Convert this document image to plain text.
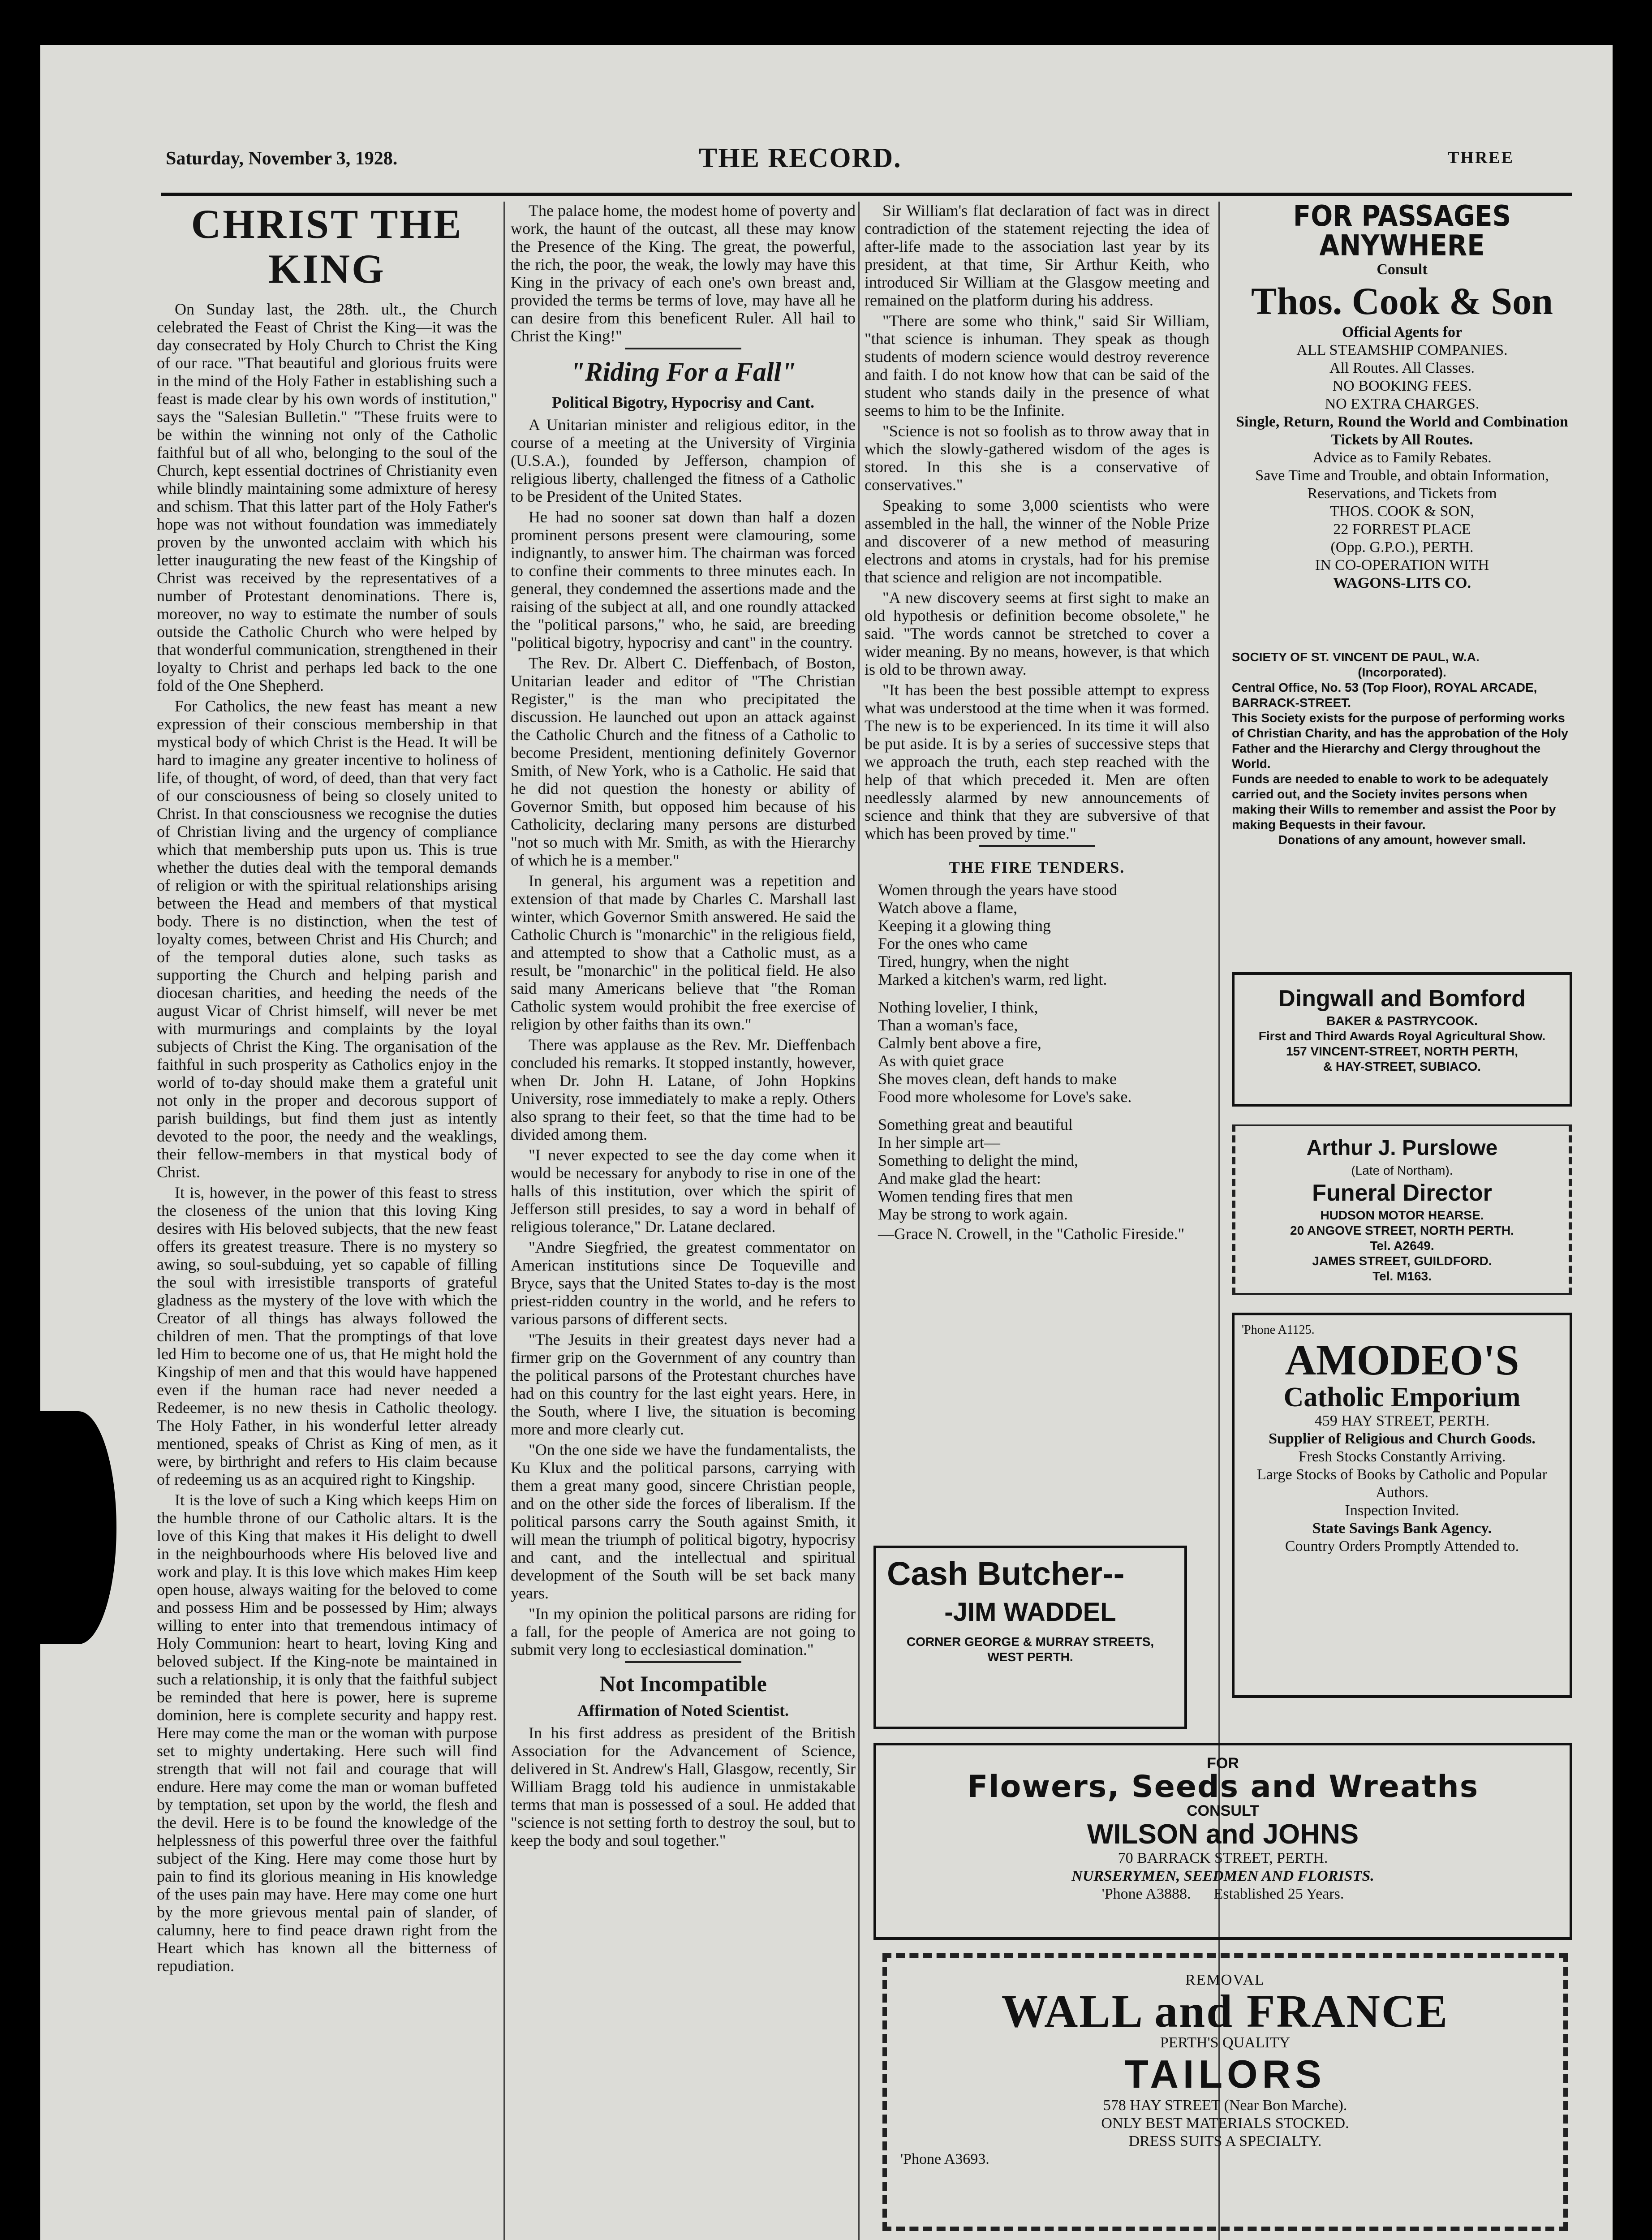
Saturday, November 3, 1928.	THE RECORD.	THREE
CHRIST THE KING

On Sunday last, the 28th. ult., the Church celebrated the Feast of Christ the King—it was the day consecrated by Holy Church to Christ the King of our race. "That beautiful and glorious fruits were in the mind of the Holy Father in establishing such a feast is made clear by his own words of institution," says the "Salesian Bulletin." "These fruits were to be within the winning not only of the Catholic faithful but of all who, belonging to the soul of the Church, kept essential doctrines of Christianity even while blindly maintaining some admixture of heresy and schism. That this latter part of the Holy Father's hope was not without foundation was immediately proven by the unwonted acclaim with which his letter inaugurating the new feast of the Kingship of Christ was received by the representatives of a number of Protestant denominations. There is, moreover, no way to estimate the number of souls outside the Catholic Church who were helped by that wonderful communication, strengthened in their loyalty to Christ and perhaps led back to the one fold of the One Shepherd.

For Catholics, the new feast has meant a new expression of their conscious membership in that mystical body of which Christ is the Head. It will be hard to imagine any greater incentive to holiness of life, of thought, of word, of deed, than that very fact of our consciousness of being so closely united to Christ. In that consciousness we recognise the duties of Christian living and the urgency of compliance which that membership puts upon us. This is true whether the duties deal with the temporal demands of religion or with the spiritual relationships arising between the Head and members of that mystical body. There is no distinction, when the test of loyalty comes, between Christ and His Church; and of the temporal duties alone, such tasks as supporting the Church and helping parish and diocesan charities, and heeding the needs of the august Vicar of Christ himself, will never be met with murmurings and complaints by the loyal subjects of Christ the King. The organisation of the faithful in such prosperity as Catholics enjoy in the world of to-day should make them a grateful unit not only in the proper and decorous support of parish buildings, but find them just as intently devoted to the poor, the needy and the weaklings, their fellow-members in that mystical body of Christ.

It is, however, in the power of this feast to stress the closeness of the union that this loving King desires with His beloved subjects, that the new feast offers its greatest treasure. There is no mystery so awing, so soul-subduing, yet so capable of filling the soul with irresistible transports of grateful gladness as the mystery of the love with which the Creator of all things has always followed the children of men. That the promptings of that love led Him to become one of us, that He might hold the Kingship of men and that this would have happened even if the human race had never needed a Redeemer, is no new thesis in Catholic theology. The Holy Father, in his wonderful letter already mentioned, speaks of Christ as King of men, as it were, by birthright and refers to His claim because of redeeming us as an acquired right to Kingship.

It is the love of such a King which keeps Him on the humble throne of our Catholic altars. It is the love of this King that makes it His delight to dwell in the neighbourhoods where His beloved live and work and play. It is this love which makes Him keep open house, always waiting for the beloved to come and possess Him and be possessed by Him; always willing to enter into that tremendous intimacy of Holy Communion: heart to heart, loving King and beloved subject. If the King-note be maintained in such a relationship, it is only that the faithful subject be reminded that here is power, here is supreme dominion, here is complete security and happy rest. Here may come the man or the woman with purpose set to mighty undertaking. Here such will find strength that will not fail and courage that will endure. Here may come the man or woman buffeted by temptation, set upon by the world, the flesh and the devil. Here is to be found the knowledge of the helplessness of this powerful three over the faithful subject of the King. Here may come those hurt by pain to find its glorious meaning in His knowledge of the uses pain may have. Here may come one hurt by the more grievous mental pain of slander, of calumny, here to find peace drawn right from the Heart which has known all the bitterness of repudiation.

The palace home, the modest home of poverty and work, the haunt of the outcast, all these may know the Presence of the King. The great, the powerful, the rich, the poor, the weak, the lowly may have this King in the privacy of each one's own breast and, provided the terms be terms of love, may have all he can desire from this beneficent Ruler. All hail to Christ the King!"

"Riding For a Fall"
Political Bigotry, Hypocrisy and Cant.

A Unitarian minister and religious editor, in the course of a meeting at the University of Virginia (U.S.A.), founded by Jefferson, champion of religious liberty, challenged the fitness of a Catholic to be President of the United States.

He had no sooner sat down than half a dozen prominent persons present were clamouring, some indignantly, to answer him. The chairman was forced to confine their comments to three minutes each. In general, they condemned the assertions made and the raising of the subject at all, and one roundly attacked the "political parsons," who, he said, are breeding "political bigotry, hypocrisy and cant" in the country.

The Rev. Dr. Albert C. Dieffenbach, of Boston, Unitarian leader and editor of "The Christian Register," is the man who precipitated the discussion. He launched out upon an attack against the Catholic Church and the fitness of a Catholic to become President, mentioning definitely Governor Smith, of New York, who is a Catholic. He said that he did not question the honesty or ability of Governor Smith, but opposed him because of his Catholicity, declaring many persons are disturbed "not so much with Mr. Smith, as with the Hierarchy of which he is a member."

In general, his argument was a repetition and extension of that made by Charles C. Marshall last winter, which Governor Smith answered. He said the Catholic Church is "monarchic" in the religious field, and attempted to show that a Catholic must, as a result, be "monarchic" in the political field. He also said many Americans believe that "the Roman Catholic system would prohibit the free exercise of religion by other faiths than its own."

There was applause as the Rev. Mr. Dieffenbach concluded his remarks. It stopped instantly, however, when Dr. John H. Latane, of John Hopkins University, rose immediately to make a reply. Others also sprang to their feet, so that the time had to be divided among them.

"I never expected to see the day come when it would be necessary for anybody to rise in one of the halls of this institution, over which the spirit of Jefferson still presides, to say a word in behalf of religious tolerance," Dr. Latane declared.

"Andre Siegfried, the greatest commentator on American institutions since De Toqueville and Bryce, says that the United States to-day is the most priest-ridden country in the world, and he refers to various parsons of different sects.

"The Jesuits in their greatest days never had a firmer grip on the Government of any country than the political parsons of the Protestant churches have had on this country for the last eight years. Here, in the South, where I live, the situation is becoming more and more clearly cut.

"On the one side we have the fundamentalists, the Ku Klux and the political parsons, carrying with them a great many good, sincere Christian people, and on the other side the forces of liberalism. If the political parsons carry the South against Smith, it will mean the triumph of political bigotry, hypocrisy and cant, and the intellectual and spiritual development of the South will be set back many years.

"In my opinion the political parsons are riding for a fall, for the people of America are not going to submit very long to ecclesiastical domination."

Not Incompatible
Affirmation of Noted Scientist.

In his first address as president of the British Association for the Advancement of Science, delivered in St. Andrew's Hall, Glasgow, recently, Sir William Bragg told his audience in unmistakable terms that man is possessed of a soul. He added that "science is not setting forth to destroy the soul, but to keep the body and soul together."

Sir William's flat declaration of fact was in direct contradiction of the statement rejecting the idea of after-life made to the association last year by its president, at that time, Sir Arthur Keith, who introduced Sir William at the Glasgow meeting and remained on the platform during his address.

"There are some who think," said Sir William, "that science is inhuman. They speak as though students of modern science would destroy reverence and faith. I do not know how that can be said of the student who stands daily in the presence of what seems to him to be the Infinite.

"Science is not so foolish as to throw away that in which the slowly-gathered wisdom of the ages is stored. In this she is a conservative of conservatives."

Speaking to some 3,000 scientists who were assembled in the hall, the winner of the Noble Prize and discoverer of a new method of measuring electrons and atoms in crystals, had for his premise that science and religion are not incompatible.

"A new discovery seems at first sight to make an old hypothesis or definition become obsolete," he said. "The words cannot be stretched to cover a wider meaning. By no means, however, is that which is old to be thrown away.

"It has been the best possible attempt to express what was understood at the time when it was formed. The new is to be experienced. In its time it will also be put aside. It is by a series of successive steps that we approach the truth, each step reached with the help of that which preceded it. Men are often needlessly alarmed by new announcements of science and think that they are subversive of that which has been proved by time."

THE FIRE TENDERS.
Women through the years have stood
Watch above a flame,
Keeping it a glowing thing
For the ones who came
Tired, hungry, when the night
Marked a kitchen's warm, red light.
Nothing lovelier, I think,
Than a woman's face,
Calmly bent above a fire,
As with quiet grace
She moves clean, deft hands to make
Food more wholesome for Love's sake.
Something great and beautiful
In her simple art—
Something to delight the mind,
And make glad the heart:
Women tending fires that men
May be strong to work again.
—Grace N. Crowell, in the "Catholic Fireside."
FOR PASSAGES ANYWHERE
Consult
Thos. Cook & Son
Official Agents for
ALL STEAMSHIP COMPANIES.
All Routes. All Classes.
NO BOOKING FEES.
NO EXTRA CHARGES.
Single, Return, Round the World and Combination Tickets by All Routes.
Advice as to Family Rebates.
Save Time and Trouble, and obtain Information, Reservations, and Tickets from
THOS. COOK & SON,
22 FORREST PLACE
(Opp. G.P.O.), PERTH.
IN CO-OPERATION WITH
WAGONS-LITS CO.
SOCIETY OF ST. VINCENT DE PAUL, W.A.
(Incorporated).
Central Office, No. 53 (Top Floor), ROYAL ARCADE, BARRACK-STREET.
This Society exists for the purpose of performing works of Christian Charity, and has the approbation of the Holy Father and the Hierarchy and Clergy throughout the World.
Funds are needed to enable to work to be adequately carried out, and the Society invites persons when making their Wills to remember and assist the Poor by making Bequests in their favour.
Donations of any amount, however small.
Dingwall and Bomford
BAKER & PASTRYCOOK.
First and Third Awards Royal Agricultural Show.
157 VINCENT-STREET, NORTH PERTH,
& HAY-STREET, SUBIACO.
Arthur J. Purslowe
(Late of Northam).
Funeral Director
HUDSON MOTOR HEARSE.
20 ANGOVE STREET, NORTH PERTH.
Tel. A2649.
JAMES STREET, GUILDFORD.
Tel. M163.
'Phone A1125.
AMODEO'S
Catholic Emporium
459 HAY STREET, PERTH.
Supplier of Religious and Church Goods.
Fresh Stocks Constantly Arriving.
Large Stocks of Books by Catholic and Popular Authors.
Inspection Invited.
State Savings Bank Agency.
Country Orders Promptly Attended to.
Cash Butcher--
-JIM WADDEL
CORNER GEORGE & MURRAY STREETS, WEST PERTH.
FOR
Flowers, Seeds and Wreaths
CONSULT
WILSON and JOHNS
70 BARRACK STREET, PERTH.
NURSERYMEN, SEEDMEN AND FLORISTS.
'Phone A3888. Established 25 Years.
REMOVAL
WALL and FRANCE
PERTH'S QUALITY
TAILORS
578 HAY STREET (Near Bon Marche).
ONLY BEST MATERIALS STOCKED.
DRESS SUITS A SPECIALTY.
'Phone A3693.
